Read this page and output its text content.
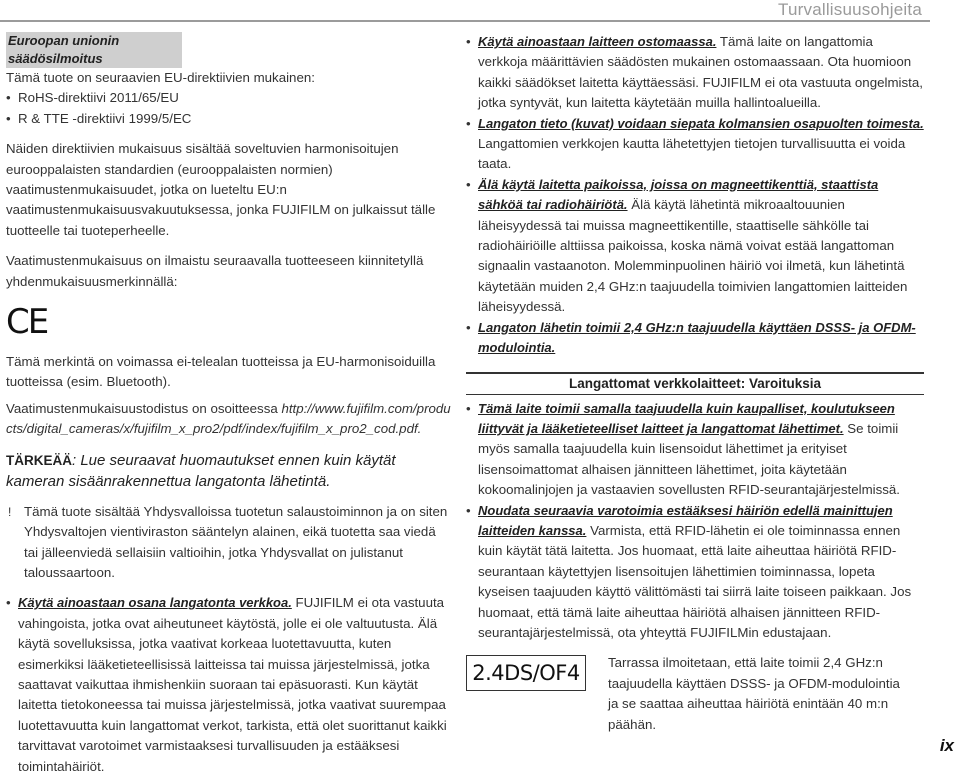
Turvallisuusohjeita
Euroopan unionin säädösilmoitus

Tämä tuote on seuraavien EU-direktiivien mukainen:

• RoHS-direktiivi 2011/65/EU
• R & TTE -direktiivi 1999/5/EC

Näiden direktiivien mukaisuus sisältää soveltuvien harmonisoitujen eurooppalaisten standardien (eurooppalaisten normien) vaatimustenmukaisuudet, jotka on lueteltu EU:n vaatimustenmukaisuusvakuutuksessa, jonka FUJIFILM on julkaissut tälle tuotteelle tai tuoteperheelle.

Vaatimustenmukaisuus on ilmaistu seuraavalla tuotteeseen kiinnitetyllä yhdenmukaisuusmerkinnällä:

CE

Tämä merkintä on voimassa ei-telealan tuotteissa ja EU-harmonisoiduilla tuotteissa (esim. Bluetooth).

Vaatimustenmukaisuustodistus on osoitteessa http://www.fujifilm.com/products/digital_cameras/x/fujifilm_x_pro2/pdf/index/fujifilm_x_pro2_cod.pdf.

TÄRKEÄÄ: Lue seuraavat huomautukset ennen kuin käytät kameran sisäänrakennettua langatonta lähetintä.

! Tämä tuote sisältää Yhdysvalloissa tuotetun salaustoiminnon ja on siten Yhdysvaltojen vientiviraston sääntelyn alainen, eikä tuotetta saa viedä tai jälleenviedä sellaisiin valtioihin, jotka Yhdysvallat on julistanut taloussaartoon.
• Käytä ainoastaan osana langatonta verkkoa. FUJIFILM ei ota vastuuta vahingoista, jotka ovat aiheutuneet käytöstä, jolle ei ole valtuutusta. Älä käytä sovelluksissa, jotka vaativat korkeaa luotettavuutta, kuten esimerkiksi lääketieteellisissä laitteissa tai muissa järjestelmissä, jotka saattavat vaikuttaa ihmishenkiin suoraan tai epäsuorasti. Kun käytät laitetta tietokoneessa tai muissa järjestelmissä, jotka vaativat suurempaa luotettavuutta kuin langattomat verkot, tarkista, että olet suorittanut kaikki tarvittavat varotoimet varmistaaksesi turvallisuuden ja estääksesi toimintahäiriöt.
• Käytä ainoastaan laitteen ostomaassa. Tämä laite on langattomia verkkoja määrittävien säädösten mukainen ostomaassaan. Ota huomioon kaikki säädökset laitetta käyttäessäsi. FUJIFILM ei ota vastuuta ongelmista, jotka syntyvät, kun laitetta käytetään muilla hallintoalueilla.
• Langaton tieto (kuvat) voidaan siepata kolmansien osapuolten toimesta. Langattomien verkkojen kautta lähetettyjen tietojen turvallisuutta ei voida taata.
• Älä käytä laitetta paikoissa, joissa on magneettikenttiä, staattista sähköä tai radiohäiriötä. Älä käytä lähetintä mikroaaltouunien läheisyydessä tai muissa magneettikentille, staattiselle sähkölle tai radiohäiriöille alttiissa paikoissa, koska nämä voivat estää langattoman signaalin vastaanoton. Molemminpuolinen häiriö voi ilmetä, kun lähetintä käytetään muiden 2,4 GHz:n taajuudella toimivien langattomien laitteiden läheisyydessä.
• Langaton lähetin toimii 2,4 GHz:n taajuudella käyttäen DSSS- ja OFDM-modulointia.
Langattomat verkkolaitteet: Varoituksia
• Tämä laite toimii samalla taajuudella kuin kaupalliset, koulutukseen liittyvät ja lääketieteelliset laitteet ja langattomat lähettimet. Se toimii myös samalla taajuudella kuin lisensoidut lähettimet ja erityiset lisensoimattomat alhaisen jännitteen lähettimet, joita käytetään kokoomalinjojen ja vastaavien sovellusten RFID-seurantajärjestelmissä.
• Noudata seuraavia varotoimia estääksesi häiriön edellä mainittujen laitteiden kanssa. Varmista, että RFID-lähetin ei ole toiminnassa ennen kuin käytät tätä laitetta. Jos huomaat, että laite aiheuttaa häiriötä RFID-seurantaan käytettyjen lisensoitujen lähettimien toiminnassa, lopeta kyseisen taajuuden käyttö välittömästi tai siirrä laite toiseen paikkaan. Jos huomaat, että tämä laite aiheuttaa häiriötä alhaisen jännitteen RFID-seurantajärjestelmissä, ota yhteyttä FUJIFILMin edustajaan.
2.4DS/OF4	Tarrassa ilmoitetaan, että laite toimii 2,4 GHz:n taajuudella käyttäen DSSS- ja OFDM-modulointia ja se saattaa aiheuttaa häiriötä enintään 40 m:n päähän.

ix
